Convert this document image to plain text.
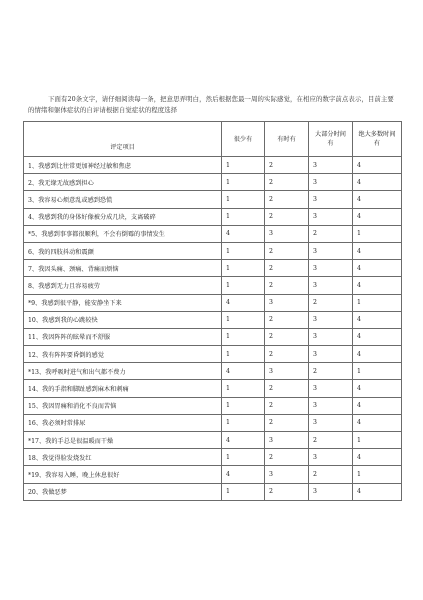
下面有20条文字，请仔细阅读每一条，把意思弄明白，然后根据您最一周的实际感觉，在相应的数字前点表示，目前主要的情绪和躯体症状的自评请根据自觉症状的程度选择

评定项目	很少有	有时有	大部分时间有	绝大多数时间有
1、我感到比往常更加神经过敏和焦虑	1	2	3	4
2、我无缘无故感到担心	1	2	3	4
3、我容易心烦意乱或感到恐慌	1	2	3	4
4、我感到我的身体好像被分成几块，支离破碎	1	2	3	4
*5、我感到事事都很顺利，不会有倒霉的事情发生	4	3	2	1
6、我的四肢抖动和震颤	1	2	3	4
7、我因头痛、颈痛、背痛而烦恼	1	2	3	4
8、我感到无力且容易疲劳	1	2	3	4
*9、我感到很平静，能安静坐下来	4	3	2	1
10、我感到我的心跳较快	1	2	3	4
11、我因阵阵的眩晕而不舒服	1	2	3	4
12、我有阵阵要昏倒的感觉	1	2	3	4
*13、我呼吸时进气和出气都不费力	4	3	2	1
14、我的手指和脚趾感到麻木和刺痛	1	2	3	4
15、我因胃痛和消化不良而苦恼	1	2	3	4
16、我必须时常排尿	1	2	3	4
*17、我的手总是很温暖而干燥	4	3	2	1
18、我觉得脸发烧发红	1	2	3	4
*19、我容易入睡，晚上休息很好	4	3	2	1
20、我做恶梦	1	2	3	4
